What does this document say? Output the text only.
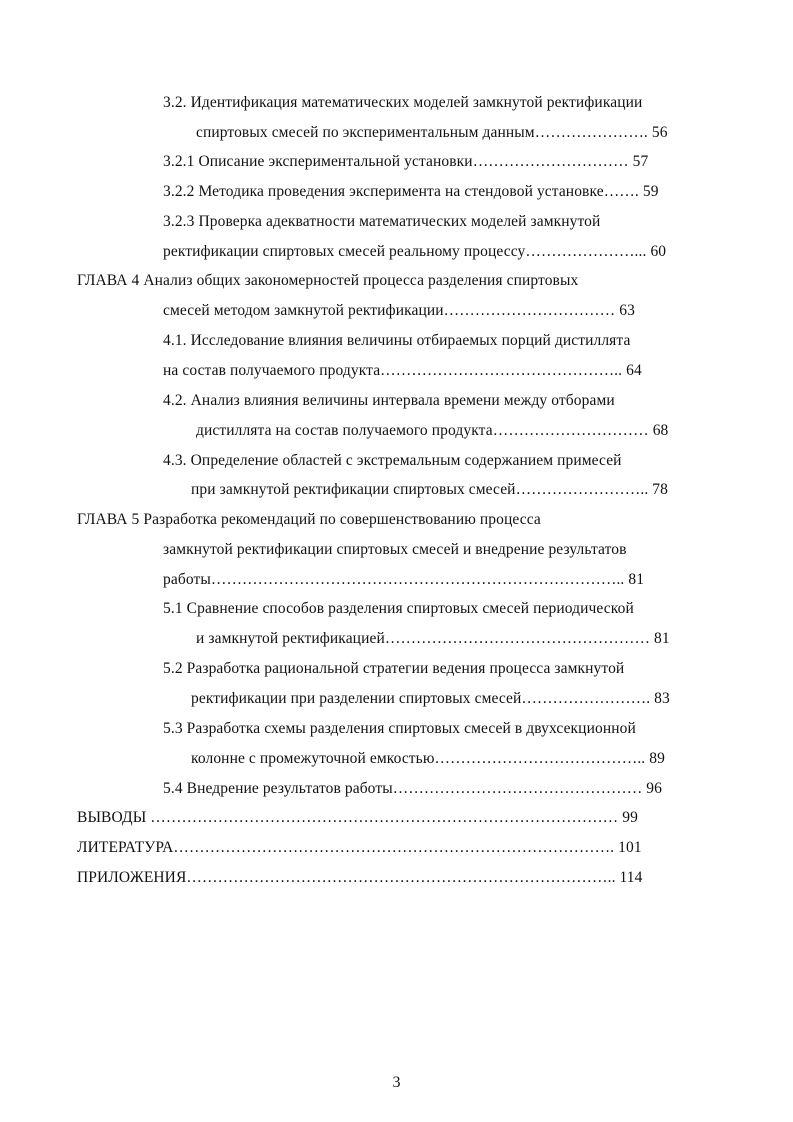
3.2. Идентификация математических моделей замкнутой ректификации
спиртовых смесей по экспериментальным данным…………………. 56
3.2.1 Описание экспериментальной установки………………………… 57
3.2.2 Методика проведения эксперимента на стендовой установке……. 59
3.2.3 Проверка адекватности математических моделей замкнутой
ректификации спиртовых смесей реальному процессу…………………... 60
ГЛАВА 4 Анализ общих закономерностей процесса разделения спиртовых
смесей методом замкнутой ректификации…………………………… 63
4.1. Исследование влияния величины отбираемых порций дистиллята
на состав получаемого продукта……………………………………….. 64
4.2. Анализ влияния величины интервала времени между отборами
дистиллята на состав получаемого продукта………………………… 68
4.3. Определение областей с экстремальным содержанием примесей
при замкнутой ректификации спиртовых смесей…………………….. 78
ГЛАВА 5 Разработка рекомендаций по совершенствованию процесса
замкнутой ректификации спиртовых смесей и внедрение результатов
работы…………………………………………………………………….. 81
5.1 Сравнение способов разделения спиртовых смесей периодической
и замкнутой ректификацией…………………………………………… 81
5.2 Разработка рациональной стратегии ведения процесса замкнутой
ректификации при разделении спиртовых смесей……………………. 83
5.3 Разработка схемы разделения спиртовых смесей в двухсекционной
колонне с промежуточной емкостью………………………………….. 89
5.4 Внедрение результатов работы………………………………………… 96
ВЫВОДЫ ……………………………………………………………………………… 99
ЛИТЕРАТУРА…………………………………………………………………………. 101
ПРИЛОЖЕНИЯ……………………………………………………………………….. 114
3
